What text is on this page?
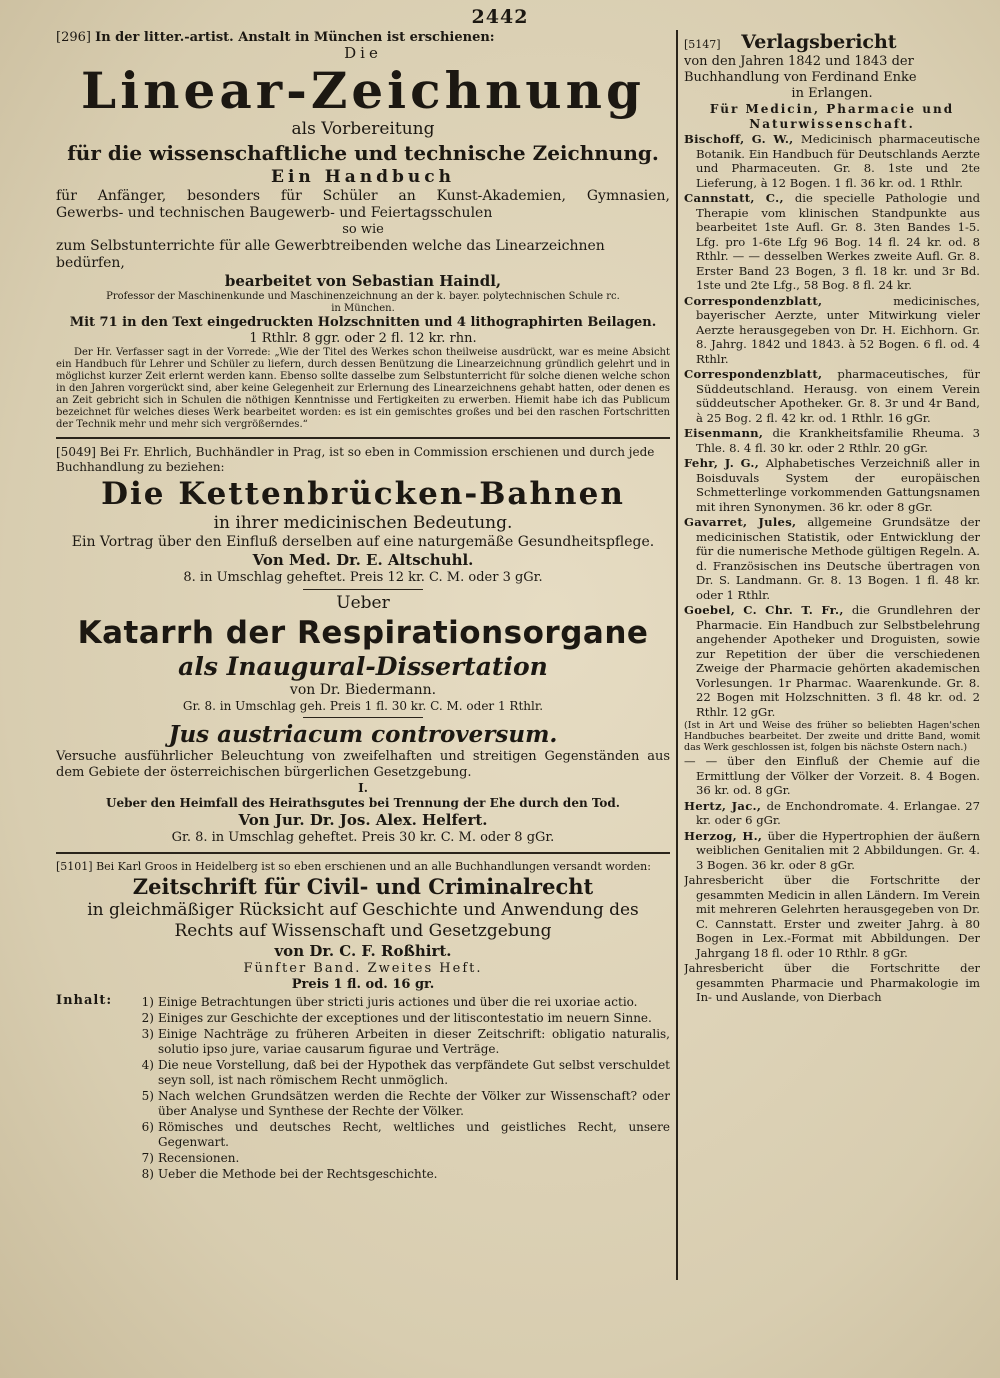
2442

[296] In der litter.-artist. Anstalt in München ist erschienen:

Die

Linear-Zeichnung

als Vorbereitung

für die wissenschaftliche und technische Zeichnung.

Ein Handbuch

für Anfänger, besonders für Schüler an Kunst-Akademien, Gymnasien,

Gewerbs- und technischen Baugewerb- und Feiertagsschulen

so wie

zum Selbstunterrichte für alle Gewerbtreibenden welche das Linearzeichnen bedürfen,

bearbeitet von Sebastian Haindl,

Professor der Maschinenkunde und Maschinenzeichnung an der k. bayer. polytechnischen Schule rc.

in München.

Mit 71 in den Text eingedruckten Holzschnitten und 4 lithographirten Beilagen.

1 Rthlr. 8 ggr. oder 2 fl. 12 kr. rhn.

Der Hr. Verfasser sagt in der Vorrede: „Wie der Titel des Werkes schon theilweise ausdrückt, war es meine Absicht ein Handbuch für Lehrer und Schüler zu liefern, durch dessen Benützung die Linearzeichnung gründlich gelehrt und in möglichst kurzer Zeit erlernt werden kann. Ebenso sollte dasselbe zum Selbstunterricht für solche dienen welche schon in den Jahren vorgerückt sind, aber keine Gelegenheit zur Erlernung des Linearzeichnens gehabt hatten, oder denen es an Zeit gebricht sich in Schulen die nöthigen Kenntnisse und Fertigkeiten zu erwerben. Hiemit habe ich das Publicum bezeichnet für welches dieses Werk bearbeitet worden: es ist ein gemischtes großes und bei den raschen Fortschritten der Technik mehr und mehr sich vergrößerndes.“

[5049] Bei Fr. Ehrlich, Buchhändler in Prag, ist so eben in Commission erschienen und durch jede Buchhandlung zu beziehen:

Die Kettenbrücken-Bahnen

in ihrer medicinischen Bedeutung.

Ein Vortrag über den Einfluß derselben auf eine naturgemäße Gesundheitspflege.

Von Med. Dr. E. Altschuhl.

8. in Umschlag geheftet. Preis 12 kr. C. M. oder 3 gGr.

Ueber

Katarrh der Respirationsorgane

als Inaugural-Dissertation

von Dr. Biedermann.

Gr. 8. in Umschlag geh. Preis 1 fl. 30 kr. C. M. oder 1 Rthlr.

Jus austriacum controversum.

Versuche ausführlicher Beleuchtung von zweifelhaften und streitigen Gegenständen aus dem Gebiete der österreichischen bürgerlichen Gesetzgebung.

I.

Ueber den Heimfall des Heirathsgutes bei Trennung der Ehe durch den Tod.

Von Jur. Dr. Jos. Alex. Helfert.

Gr. 8. in Umschlag geheftet. Preis 30 kr. C. M. oder 8 gGr.

[5101] Bei Karl Groos in Heidelberg ist so eben erschienen und an alle Buchhandlungen versandt worden:

Zeitschrift für Civil- und Criminalrecht

in gleichmäßiger Rücksicht auf Geschichte und Anwendung des

Rechts auf Wissenschaft und Gesetzgebung

von Dr. C. F. Roßhirt.

Fünfter Band. Zweites Heft.

Preis 1 fl. od. 16 gr.

Inhalt:	1) Einige Betrachtungen über stricti juris actiones und über die rei uxoriae actio.
2) Einiges zur Geschichte der exceptiones und der litiscontestatio im neuern Sinne.
3) Einige Nachträge zu früheren Arbeiten in dieser Zeitschrift: obligatio naturalis, solutio ipso jure, variae causarum figurae und Verträge.
4) Die neue Vorstellung, daß bei der Hypothek das verpfändete Gut selbst verschuldet seyn soll, ist nach römischem Recht unmöglich.
5) Nach welchen Grundsätzen werden die Rechte der Völker zur Wissenschaft? oder über Analyse und Synthese der Rechte der Völker.
6) Römisches und deutsches Recht, weltliches und geistliches Recht, unsere Gegenwart.
7) Recensionen.
8) Ueber die Methode bei der Rechtsgeschichte.

[5147] Verlagsbericht

von den Jahren 1842 und 1843 der

Buchhandlung von Ferdinand Enke

in Erlangen.

Für Medicin, Pharmacie und Naturwissenschaft.

Bischoff, G. W., Medicinisch pharmaceutische Botanik. Ein Handbuch für Deutschlands Aerzte und Pharmaceuten. Gr. 8. 1ste und 2te Lieferung, à 12 Bogen. 1 fl. 36 kr. od. 1 Rthlr.

Cannstatt, C., die specielle Pathologie und Therapie vom klinischen Standpunkte aus bearbeitet 1ste Aufl. Gr. 8. 3ten Bandes 1-5. Lfg. pro 1-6te Lfg 96 Bog. 14 fl. 24 kr. od. 8 Rthlr. — — desselben Werkes zweite Aufl. Gr. 8. Erster Band 23 Bogen, 3 fl. 18 kr. und 3r Bd. 1ste und 2te Lfg., 58 Bog. 8 fl. 24 kr.

Correspondenzblatt, medicinisches, bayerischer Aerzte, unter Mitwirkung vieler Aerzte herausgegeben von Dr. H. Eichhorn. Gr. 8. Jahrg. 1842 und 1843. à 52 Bogen. 6 fl. od. 4 Rthlr.

Correspondenzblatt, pharmaceutisches, für Süddeutschland. Herausg. von einem Verein süddeutscher Apotheker. Gr. 8. 3r und 4r Band, à 25 Bog. 2 fl. 42 kr. od. 1 Rthlr. 16 gGr.

Eisenmann, die Krankheitsfamilie Rheuma. 3 Thle. 8. 4 fl. 30 kr. oder 2 Rthlr. 20 gGr.

Fehr, J. G., Alphabetisches Verzeichniß aller in Boisduvals System der europäischen Schmetterlinge vorkommenden Gattungsnamen mit ihren Synonymen. 36 kr. oder 8 gGr.

Gavarret, Jules, allgemeine Grundsätze der medicinischen Statistik, oder Entwicklung der für die numerische Methode gültigen Regeln. A. d. Französischen ins Deutsche übertragen von Dr. S. Landmann. Gr. 8. 13 Bogen. 1 fl. 48 kr. oder 1 Rthlr.

Goebel, C. Chr. T. Fr., die Grundlehren der Pharmacie. Ein Handbuch zur Selbstbelehrung angehender Apotheker und Droguisten, sowie zur Repetition der über die verschiedenen Zweige der Pharmacie gehörten akademischen Vorlesungen. 1r Pharmac. Waarenkunde. Gr. 8. 22 Bogen mit Holzschnitten. 3 fl. 48 kr. od. 2 Rthlr. 12 gGr.

(Ist in Art und Weise des früher so beliebten Hagen'schen Handbuches bearbeitet. Der zweite und dritte Band, womit das Werk geschlossen ist, folgen bis nächste Ostern nach.)

— — über den Einfluß der Chemie auf die Ermittlung der Völker der Vorzeit. 8. 4 Bogen. 36 kr. od. 8 gGr.

Hertz, Jac., de Enchondromate. 4. Erlangae. 27 kr. oder 6 gGr.

Herzog, H., über die Hypertrophien der äußern weiblichen Genitalien mit 2 Abbildungen. Gr. 4. 3 Bogen. 36 kr. oder 8 gGr.

Jahresbericht über die Fortschritte der gesammten Medicin in allen Ländern. Im Verein mit mehreren Gelehrten herausgegeben von Dr. C. Cannstatt. Erster und zweiter Jahrg. à 80 Bogen in Lex.-Format mit Abbildungen. Der Jahrgang 18 fl. oder 10 Rthlr. 8 gGr.

Jahresbericht über die Fortschritte der gesammten Pharmacie und Pharmakologie im In- und Auslande, von Dierbach
